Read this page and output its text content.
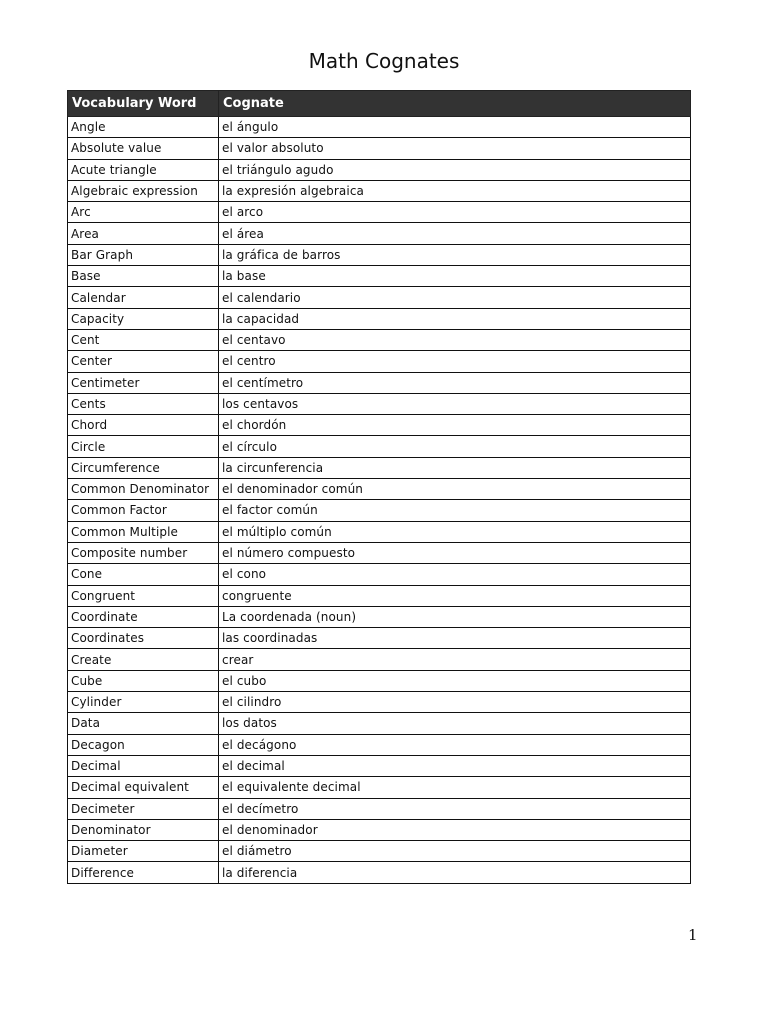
Math Cognates
Vocabulary Word	Cognate
Angle	el ángulo
Absolute value	el valor absoluto
Acute triangle	el triángulo agudo
Algebraic expression	la expresión algebraica
Arc	el arco
Area	el área
Bar Graph	la gráfica de barros
Base	la base
Calendar	el calendario
Capacity	la capacidad
Cent	el centavo
Center	el centro
Centimeter	el centímetro
Cents	los centavos
Chord	el chordón
Circle	el círculo
Circumference	la circunferencia
Common Denominator	el denominador común
Common Factor	el factor común
Common Multiple	el múltiplo común
Composite number	el número compuesto
Cone	el cono
Congruent	congruente
Coordinate	La coordenada (noun)
Coordinates	las coordinadas
Create	crear
Cube	el cubo
Cylinder	el cilindro
Data	los datos
Decagon	el decágono
Decimal	el decimal
Decimal equivalent	el equivalente decimal
Decimeter	el decímetro
Denominator	el denominador
Diameter	el diámetro
Difference	la diferencia
1
